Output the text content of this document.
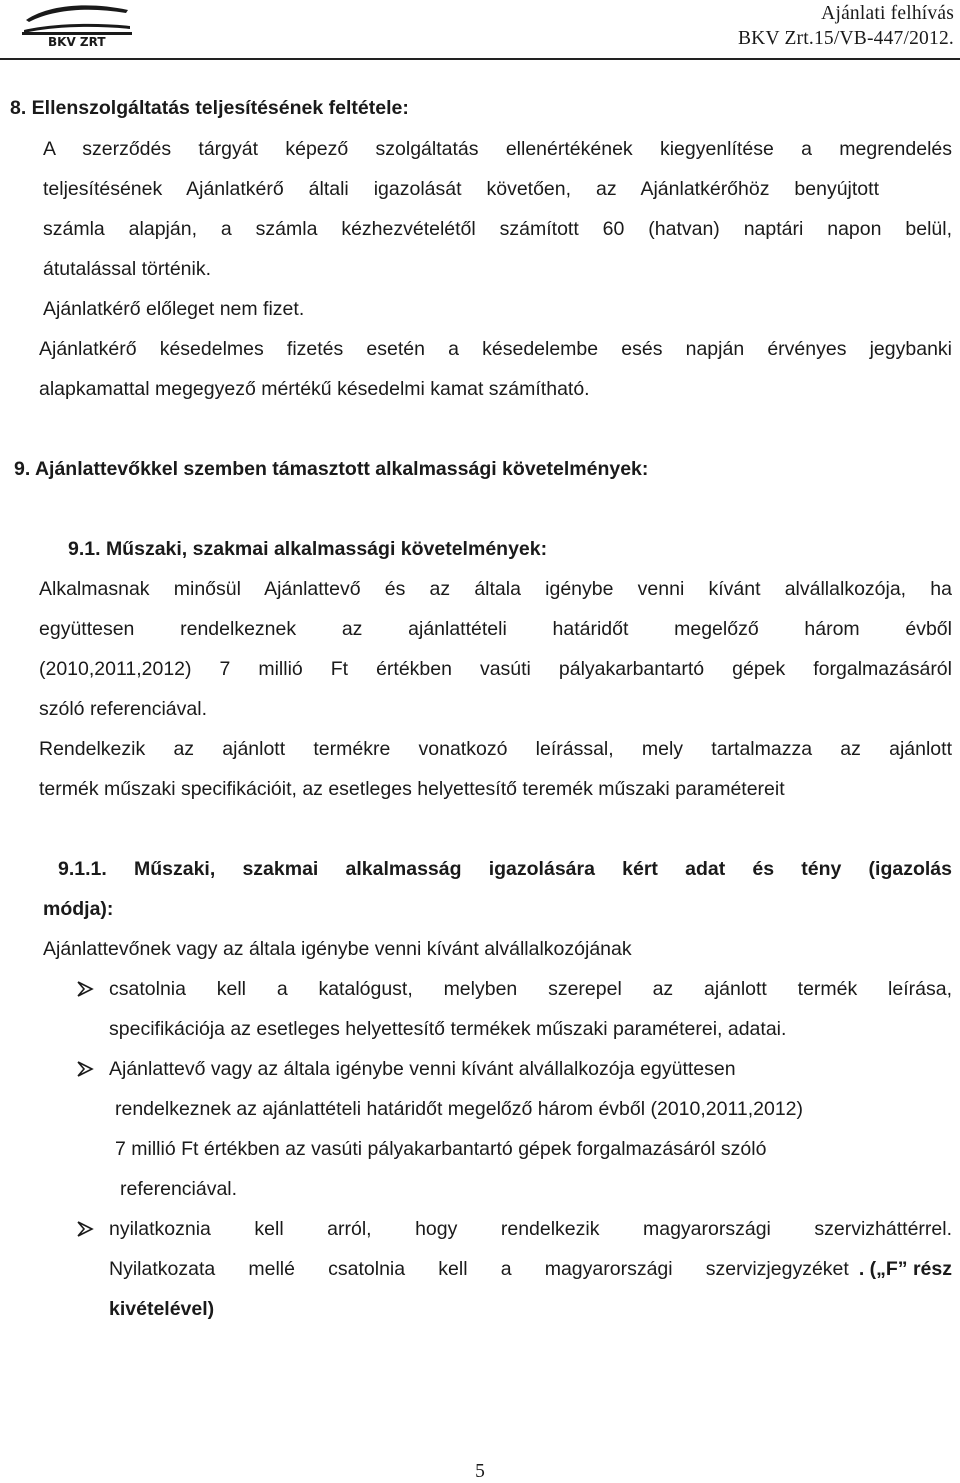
BKV ZRT
Ajánlati felhívás
BKV Zrt.15/VB-447/2012.
8. Ellenszolgáltatás teljesítésének feltétele:
A szerződés tárgyát képező szolgáltatás ellenértékének kiegyenlítése a megrendelés
teljesítésének Ajánlatkérő általi igazolását követően, az Ajánlatkérőhöz benyújtott
számla alapján, a számla kézhezvételétől számított 60 (hatvan) naptári napon belül,
átutalással történik.
Ajánlatkérő előleget nem fizet.
Ajánlatkérő késedelmes fizetés esetén a késedelembe esés napján érvényes jegybanki
alapkamattal megegyező mértékű késedelmi kamat számítható.
9. Ajánlattevőkkel szemben támasztott alkalmassági követelmények:
9.1. Műszaki, szakmai alkalmassági követelmények:
Alkalmasnak minősül Ajánlattevő és az általa igénybe venni kívánt alvállalkozója, ha
együttesen rendelkeznek az ajánlattételi határidőt megelőző három évből
(2010,2011,2012) 7 millió Ft értékben vasúti pályakarbantartó gépek forgalmazásáról
szóló referenciával.
Rendelkezik az ajánlott termékre vonatkozó leírással, mely tartalmazza az ajánlott
termék műszaki specifikációit, az esetleges helyettesítő teremék műszaki paramétereit
9.1.1. Műszaki, szakmai alkalmasság igazolására kért adat és tény (igazolás
módja):
Ajánlattevőnek vagy az általa igénybe venni kívánt alvállalkozójának
csatolnia kell a katalógust, melyben szerepel az ajánlott termék leírása,
specifikációja az esetleges helyettesítő termékek műszaki paraméterei, adatai.
Ajánlattevő vagy az általa igénybe venni kívánt alvállalkozója együttesen
rendelkeznek az ajánlattételi határidőt megelőző három évből (2010,2011,2012)
7 millió Ft értékben az vasúti pályakarbantartó gépek forgalmazásáról szóló
referenciával.
nyilatkoznia kell arról, hogy rendelkezik magyarországi szervizháttérrel.
Nyilatkozata mellé csatolnia kell a magyarországi szervizjegyzéket . („F” rész
kivételével)
5
